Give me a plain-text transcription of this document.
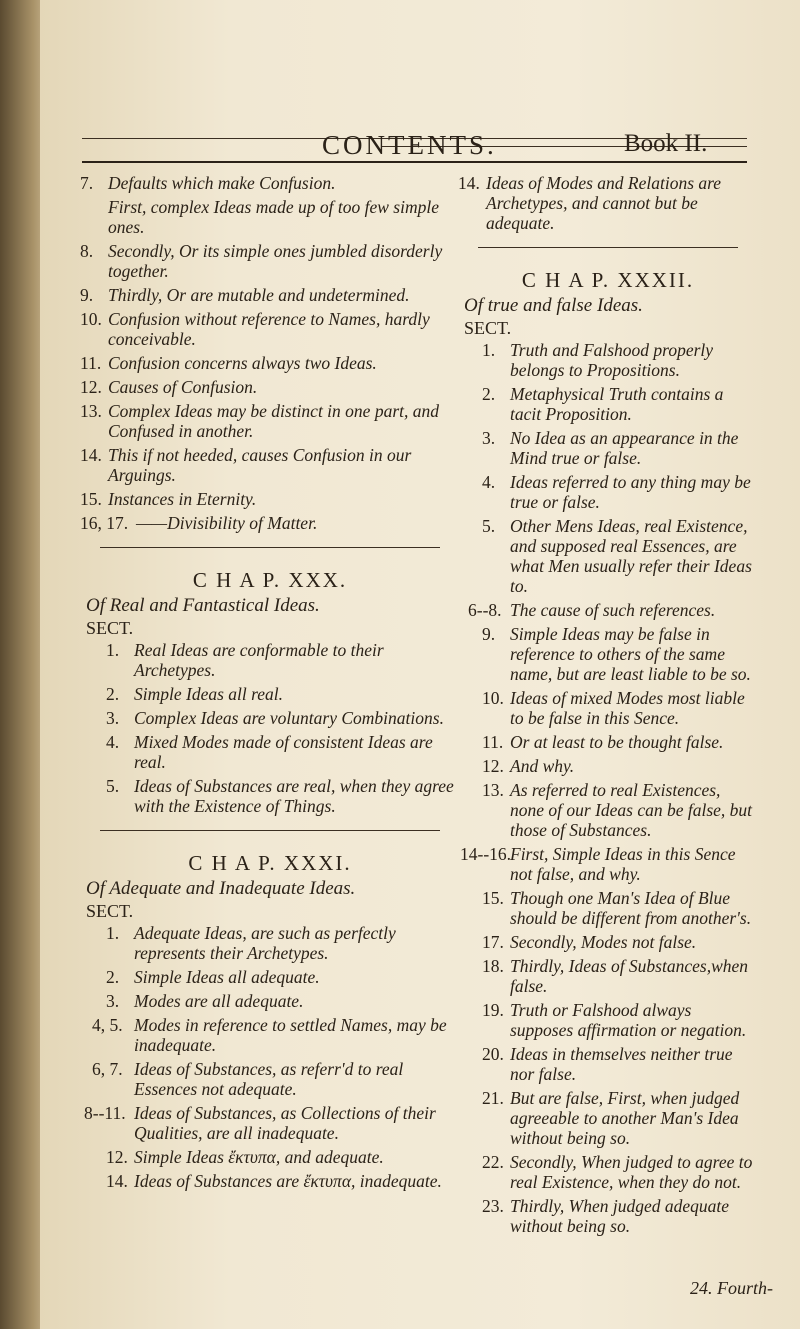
CONTENTS.	Book II.
7. Defaults which make Confusion.
First, complex Ideas made up of too few simple ones.
8. Secondly, Or its simple ones jumbled disorderly together.
9. Thirdly, Or are mutable and undetermined.
10. Confusion without reference to Names, hardly conceivable.
11. Confusion concerns always two Ideas.
12. Causes of Confusion.
13. Complex Ideas may be distinct in one part, and Confused in another.
14. This if not heeded, causes Confusion in our Arguings.
15. Instances in Eternity.
16, 17. ——Divisibility of Matter.
C H A P. XXX.
Of Real and Fantastical Ideas.
SECT.
1. Real Ideas are conformable to their Archetypes.
2. Simple Ideas all real.
3. Complex Ideas are voluntary Combinations.
4. Mixed Modes made of consistent Ideas are real.
5. Ideas of Substances are real, when they agree with the Existence of Things.
C H A P. XXXI.
Of Adequate and Inadequate Ideas.
SECT.
1. Adequate Ideas, are such as perfectly represents their Archetypes.
2. Simple Ideas all adequate.
3. Modes are all adequate.
4, 5. Modes in reference to settled Names, may be inadequate.
6, 7. Ideas of Substances, as referr'd to real Essences not adequate.
8--11. Ideas of Substances, as Collections of their Qualities, are all inadequate.
12. Simple Ideas ἔκτυπα, and adequate.
14. Ideas of Substances are ἔκτυπα, inadequate.
14. Ideas of Modes and Relations are Archetypes, and cannot but be adequate.
C H A P. XXXII.
Of true and false Ideas.
SECT.
1. Truth and Falshood properly belongs to Propositions.
2. Metaphysical Truth contains a tacit Proposition.
3. No Idea as an appearance in the Mind true or false.
4. Ideas referred to any thing may be true or false.
5. Other Mens Ideas, real Existence, and supposed real Essences, are what Men usually refer their Ideas to.
6--8. The cause of such references.
9. Simple Ideas may be false in reference to others of the same name, but are least liable to be so.
10. Ideas of mixed Modes most liable to be false in this Sence.
11. Or at least to be thought false.
12. And why.
13. As referred to real Existences, none of our Ideas can be false, but those of Substances.
14--16.
First, Simple Ideas in this Sence not false, and why.
15. Though one Man's Idea of Blue should be different from another's.
17. Secondly, Modes not false.
18. Thirdly, Ideas of Substances,when false.
19. Truth or Falshood always supposes affirmation or negation.
20. Ideas in themselves neither true nor false.
21. But are false, First, when judged agreeable to another Man's Idea without being so.
22. Secondly, When judged to agree to real Existence, when they do not.
23. Thirdly, When judged adequate without being so.
24. Fourth-
